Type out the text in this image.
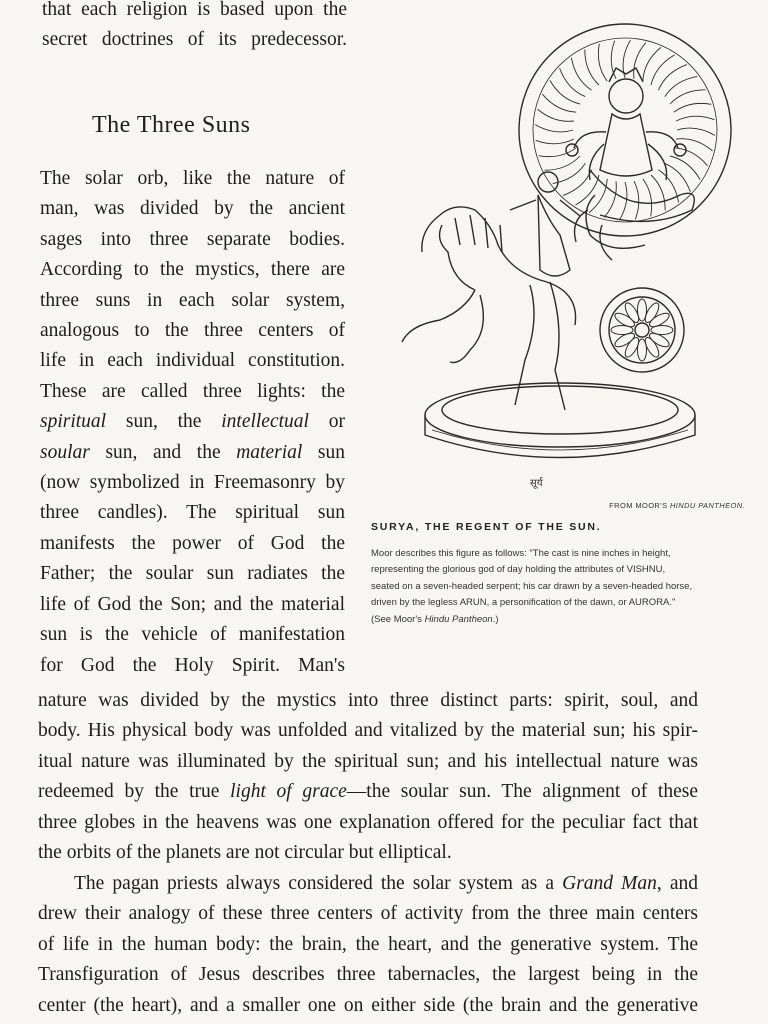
that each religion is based upon the
secret doctrines of its predecessor.

The Three Suns

The solar orb, like the nature of
man, was divided by the ancient
sages into three separate bodies.
According to the mystics, there are
three suns in each solar system,
analogous to the three centers of
life in each individual constitution.
These are called three lights: the
spiritual sun, the intellectual or
soular sun, and the material sun
(now symbolized in Freemasonry by
three candles). The spiritual sun
manifests the power of God the
Father; the soular sun radiates the
life of God the Son; and the material
sun is the vehicle of manifestation
for God the Holy Spirit. Man's

सूर्य
FROM MOOR'S HINDU PANTHEON.
SURYA, THE REGENT OF THE SUN.
Moor describes this figure as follows: "The cast is nine inches in height,
representing the glorious god of day holding the attributes of VISHNU,
seated on a seven-headed serpent; his car drawn by a seven-headed horse,
driven by the legless ARUN, a personification of the dawn, or AURORA."
(See Moor's Hindu Pantheon.)

nature was divided by the mystics into three distinct parts: spirit, soul, and
body. His physical body was unfolded and vitalized by the material sun; his spir-
itual nature was illuminated by the spiritual sun; and his intellectual nature was
redeemed by the true light of grace—the soular sun. The alignment of these
three globes in the heavens was one explanation offered for the peculiar fact that
the orbits of the planets are not circular but elliptical.

The pagan priests always considered the solar system as a Grand Man, and
drew their analogy of these three centers of activity from the three main centers
of life in the human body: the brain, the heart, and the generative system. The
Transfiguration of Jesus describes three tabernacles, the largest being in the
center (the heart), and a smaller one on either side (the brain and the generative
